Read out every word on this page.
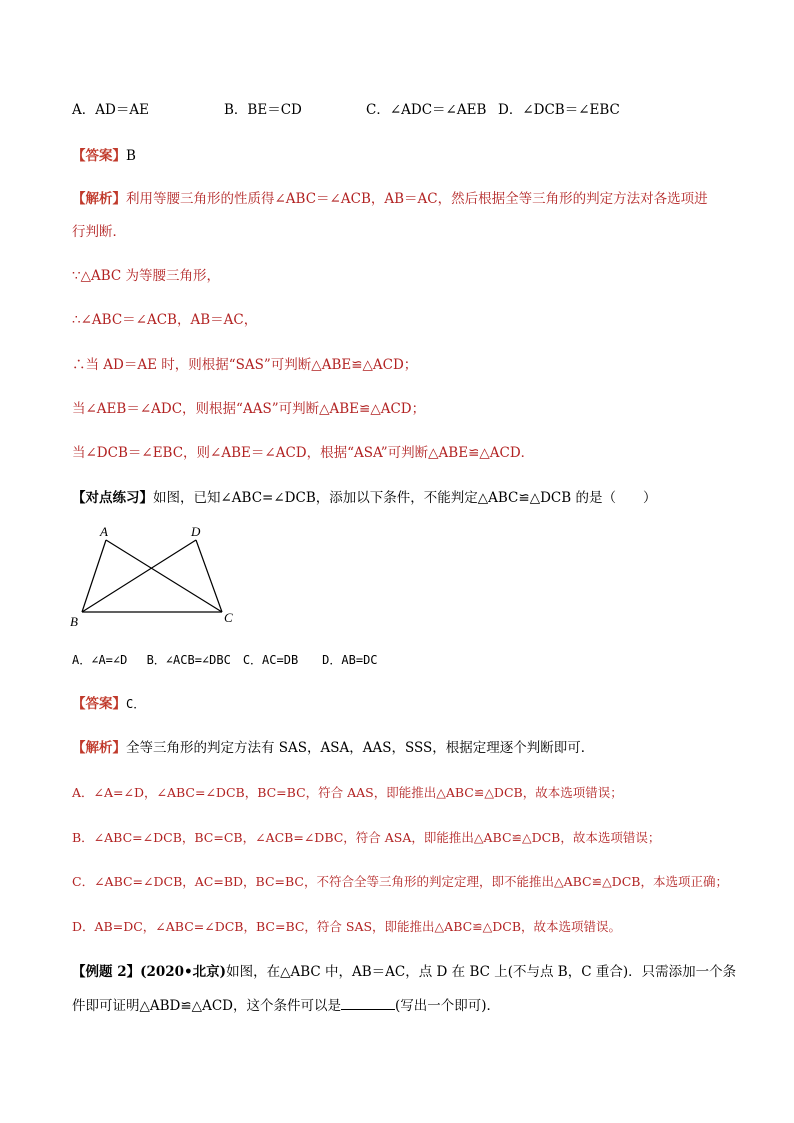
A．AD＝AE	B．BE＝CD	C．∠ADC＝∠AEB D．∠DCB＝∠EBC
【答案】B
【解析】利用等腰三角形的性质得∠ABC＝∠ACB，AB＝AC，然后根据全等三角形的判定方法对各选项进
行判断．
∵△ABC 为等腰三角形，
∴∠ABC＝∠ACB，AB＝AC，
∴当 AD＝AE 时，则根据“SAS”可判断△ABE≌△ACD；
当∠AEB＝∠ADC，则根据“AAS”可判断△ABE≌△ACD；
当∠DCB＝∠EBC，则∠ABE＝∠ACD，根据“ASA”可判断△ABE≌△ACD．
【对点练习】如图，已知∠ABC=∠DCB，添加以下条件，不能判定△ABC≌△DCB 的是（　　）
A	D
B	C
A．∠A=∠D　 B．∠ACB=∠DBC　C．AC=DB　　D．AB=DC
【答案】C．
【解析】全等三角形的判定方法有 SAS，ASA，AAS，SSS，根据定理逐个判断即可．
A．∠A=∠D，∠ABC=∠DCB，BC=BC，符合 AAS，即能推出△ABC≌△DCB，故本选项错误；
B．∠ABC=∠DCB，BC=CB，∠ACB=∠DBC，符合 ASA，即能推出△ABC≌△DCB，故本选项错误；
C．∠ABC=∠DCB，AC=BD，BC=BC，不符合全等三角形的判定定理，即不能推出△ABC≌△DCB，本选项正确；
D．AB=DC，∠ABC=∠DCB，BC=BC，符合 SAS，即能推出△ABC≌△DCB，故本选项错误。
【例题 2】(2020•北京)如图，在△ABC 中，AB＝AC，点 D 在 BC 上(不与点 B，C 重合)．只需添加一个条
件即可证明△ABD≌△ACD，这个条件可以是	(写出一个即可)．
